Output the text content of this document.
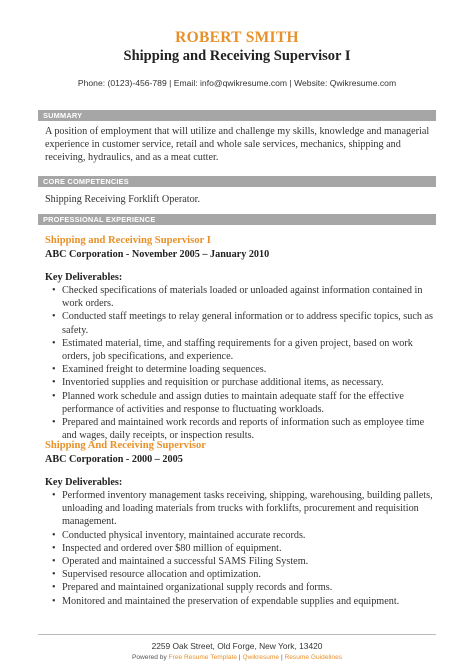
ROBERT SMITH
Shipping and Receiving Supervisor I
Phone: (0123)-456-789 | Email: info@qwikresume.com | Website: Qwikresume.com
SUMMARY
A position of employment that will utilize and challenge my skills, knowledge and managerial experience in customer service, retail and whole sale services, mechanics, shipping and receiving, hydraulics, and as a meat cutter.
CORE COMPETENCIES
Shipping Receiving Forklift Operator.
PROFESSIONAL EXPERIENCE
Shipping and Receiving Supervisor I
ABC Corporation - November 2005 – January 2010
Key Deliverables:
• Checked specifications of materials loaded or unloaded against information contained in work orders.
• Conducted staff meetings to relay general information or to address specific topics, such as safety.
• Estimated material, time, and staffing requirements for a given project, based on work orders, job specifications, and experience.
• Examined freight to determine loading sequences.
• Inventoried supplies and requisition or purchase additional items, as necessary.
• Planned work schedule and assign duties to maintain adequate staff for the effective performance of activities and response to fluctuating workloads.
• Prepared and maintained work records and reports of information such as employee time and wages, daily receipts, or inspection results.
Shipping And Receiving Supervisor
ABC Corporation - 2000 – 2005
Key Deliverables:
• Performed inventory management tasks receiving, shipping, warehousing, building pallets, unloading and loading materials from trucks with forklifts, procurement and requisition management.
• Conducted physical inventory, maintained accurate records.
• Inspected and ordered over $80 million of equipment.
• Operated and maintained a successful SAMS Filing System.
• Supervised resource allocation and optimization.
• Prepared and maintained organizational supply records and forms.
• Monitored and maintained the preservation of expendable supplies and equipment.
2259 Oak Street, Old Forge, New York, 13420
Powered by Free Resume Template | Qwikresume | Resume Guidelines
